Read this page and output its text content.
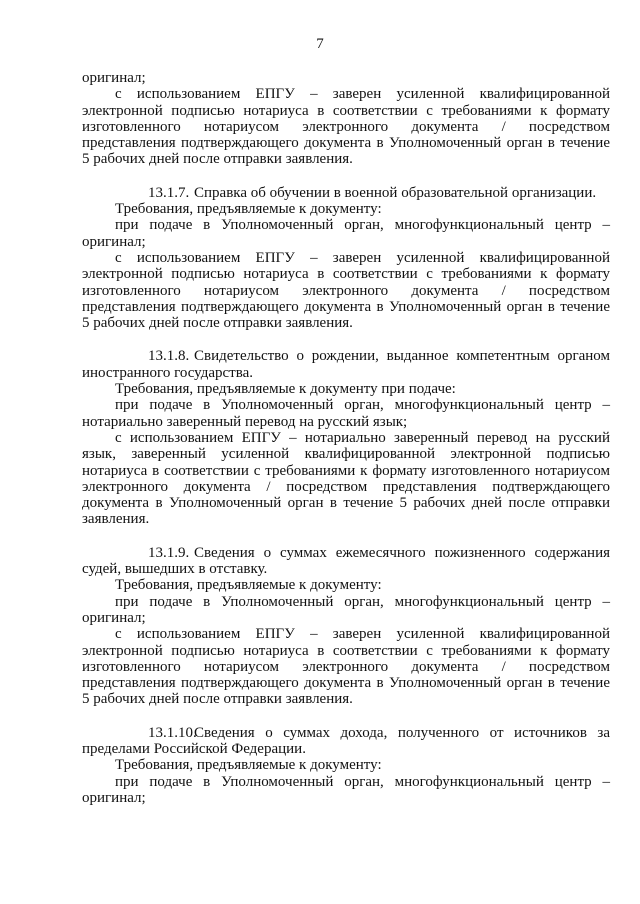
7

оригинал;

с использованием ЕПГУ – заверен усиленной квалифицированной электронной подписью нотариуса в соответствии с требованиями к формату изготовленного нотариусом электронного документа / посредством представления подтверждающего документа в Уполномоченный орган в течение 5 рабочих дней после отправки заявления.

13.1.7. Справка об обучении в военной образовательной организации.

Требования, предъявляемые к документу:

при подаче в Уполномоченный орган, многофункциональный центр – оригинал;

с использованием ЕПГУ – заверен усиленной квалифицированной электронной подписью нотариуса в соответствии с требованиями к формату изготовленного нотариусом электронного документа / посредством представления подтверждающего документа в Уполномоченный орган в течение 5 рабочих дней после отправки заявления.

13.1.8. Свидетельство о рождении, выданное компетентным органом иностранного государства.

Требования, предъявляемые к документу при подаче:

при подаче в Уполномоченный орган, многофункциональный центр – нотариально заверенный перевод на русский язык;

с использованием ЕПГУ – нотариально заверенный перевод на русский язык, заверенный усиленной квалифицированной электронной подписью нотариуса в соответствии с требованиями к формату изготовленного нотариусом электронного документа / посредством представления подтверждающего документа в Уполномоченный орган в течение 5 рабочих дней после отправки заявления.

13.1.9. Сведения о суммах ежемесячного пожизненного содержания судей, вышедших в отставку.

Требования, предъявляемые к документу:

при подаче в Уполномоченный орган, многофункциональный центр – оригинал;

с использованием ЕПГУ – заверен усиленной квалифицированной электронной подписью нотариуса в соответствии с требованиями к формату изготовленного нотариусом электронного документа / посредством представления подтверждающего документа в Уполномоченный орган в течение 5 рабочих дней после отправки заявления.

13.1.10.Сведения о суммах дохода, полученного от источников за пределами Российской Федерации.

Требования, предъявляемые к документу:

при подаче в Уполномоченный орган, многофункциональный центр – оригинал;
